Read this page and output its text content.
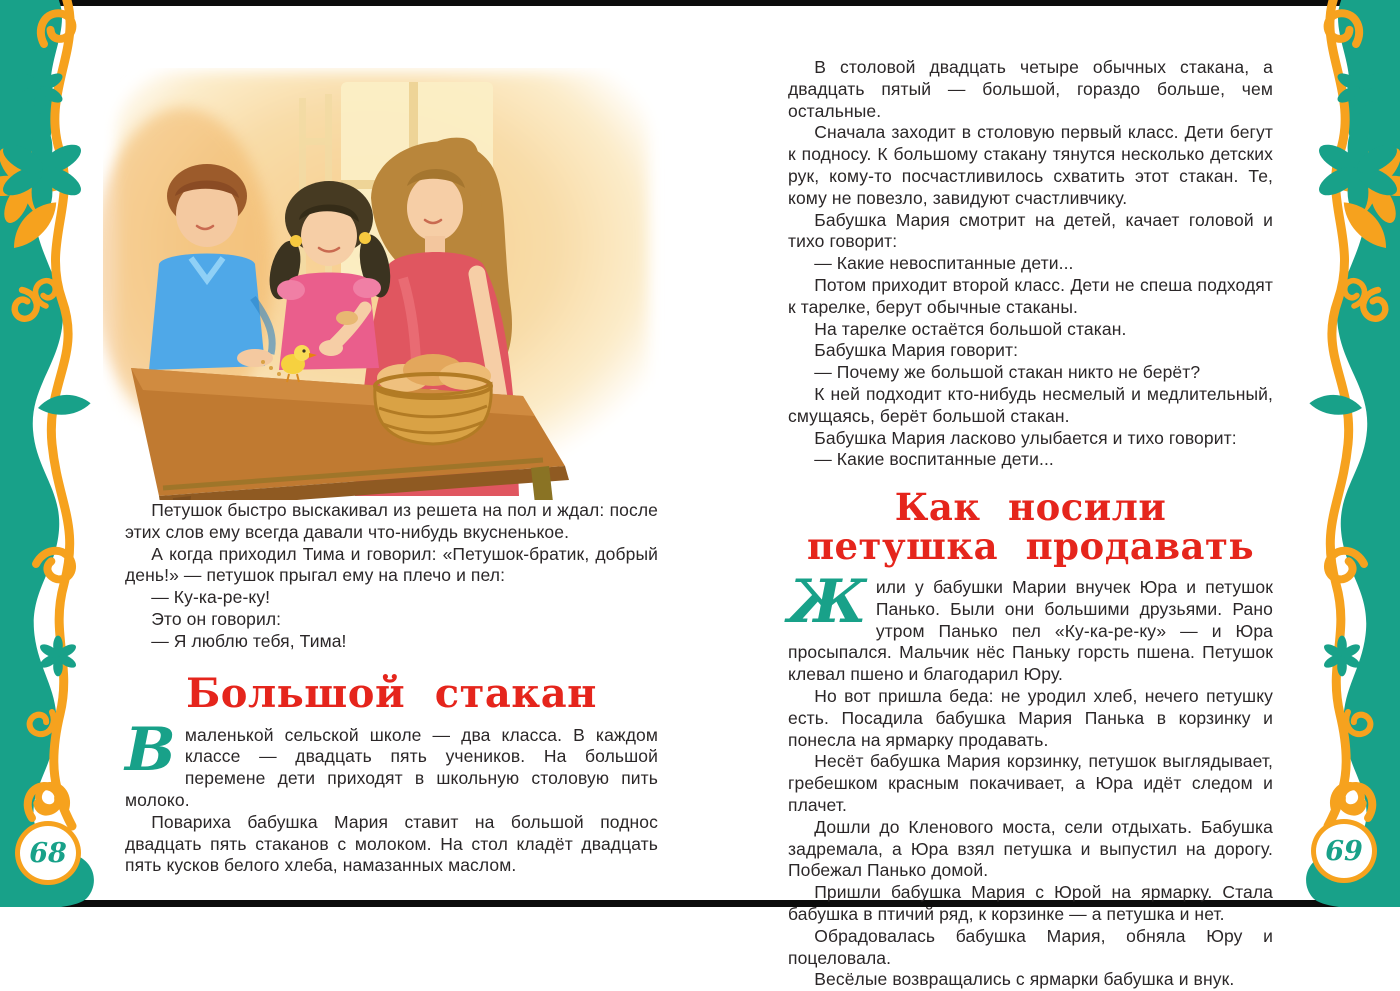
68	69

Петушок быстро выскакивал из решета на пол и ждал: после этих слов ему всегда давали что-нибудь вкусненькое.

А когда приходил Тима и говорил: «Петушок-братик, добрый день!» — петушок прыгал ему на плечо и пел:

— Ку-ка-ре-ку!

Это он говорил:

— Я люблю тебя, Тима!

Большой стакан

Вмаленькой сельской школе — два класса. В каждом классе — двадцать пять учеников. На большой перемене дети приходят в школьную столовую пить молоко.

Повариха бабушка Мария ставит на большой поднос двадцать пять стаканов с молоком. На стол кладёт двадцать пять кусков белого хлеба, намазанных маслом.

В столовой двадцать четыре обычных стакана, а двадцать пятый — большой, гораздо больше, чем остальные.

Сначала заходит в столовую первый класс. Дети бегут к подносу. К большому стакану тянутся несколько детских рук, кому-то посчастливилось схватить этот стакан. Те, кому не повезло, завидуют счастливчику.

Бабушка Мария смотрит на детей, качает головой и тихо говорит:

— Какие невоспитанные дети...

Потом приходит второй класс. Дети не спеша подходят к тарелке, берут обычные стаканы.

На тарелке остаётся большой стакан.

Бабушка Мария говорит:

— Почему же большой стакан никто не берёт?

К ней подходит кто-нибудь несмелый и медлительный, смущаясь, берёт большой стакан.

Бабушка Мария ласково улыбается и тихо говорит:

— Какие воспитанные дети...

Как носили
петушка продавать

Жили у бабушки Марии внучек Юра и петушок Панько. Были они большими друзьями. Рано утром Панько пел «Ку-ка-ре-ку» — и Юра просыпался. Мальчик нёс Паньку горсть пшена. Петушок клевал пшено и благодарил Юру.

Но вот пришла беда: не уродил хлеб, нечего петушку есть. Посадила бабушка Мария Панька в корзинку и понесла на ярмарку продавать.

Несёт бабушка Мария корзинку, петушок выглядывает, гребешком красным покачивает, а Юра идёт следом и плачет.

Дошли до Кленового моста, сели отдыхать. Бабушка задремала, а Юра взял петушка и выпустил на дорогу. Побежал Панько домой.

Пришли бабушка Мария с Юрой на ярмарку. Стала бабушка в птичий ряд, к корзинке — а петушка и нет.

Обрадовалась бабушка Мария, обняла Юру и поцеловала.

Весёлые возвращались с ярмарки бабушка и внук.
